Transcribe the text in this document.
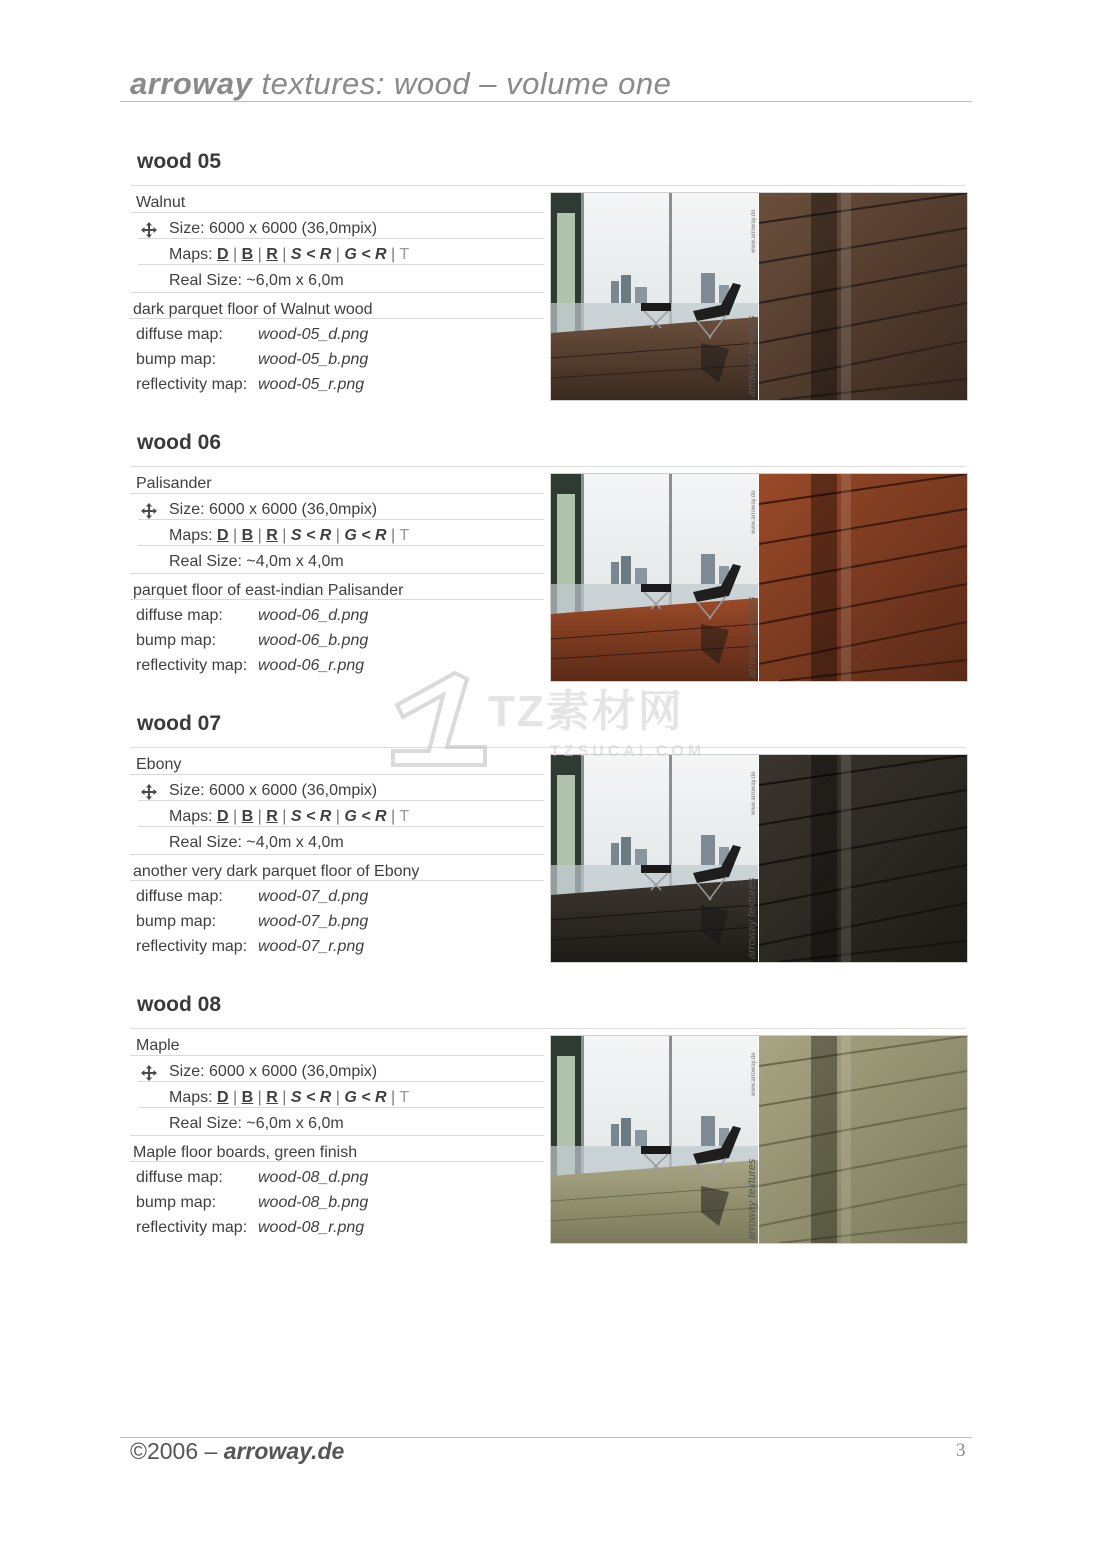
arroway textures: wood – volume one
wood 05
Walnut
Size: 6000 x 6000 (36,0mpix)
Maps: D | B | R | S < R | G < R | T
Real Size: ~6,0m x 6,0m
dark parquet floor of Walnut wood
diffuse map: wood-05_d.png
bump map:	wood-05_b.png
reflectivity map: wood-05_r.png	arroway textures
www.arroway.de
wood 06
Palisander
Size: 6000 x 6000 (36,0mpix)
Maps: D | B | R | S < R | G < R | T
Real Size: ~4,0m x 4,0m
parquet floor of east-indian Palisander
diffuse map: wood-06_d.png
bump map:	wood-06_b.png
reflectivity map: wood-06_r.png	arroway textures
www.arroway.de
wood 07
Ebony
Size: 6000 x 6000 (36,0mpix)
Maps: D | B | R | S < R | G < R | T
Real Size: ~4,0m x 4,0m
another very dark parquet floor of Ebony
diffuse map: wood-07_d.png
bump map:	wood-07_b.png
reflectivity map: wood-07_r.png	arroway textures
www.arroway.de
wood 08
Maple
Size: 6000 x 6000 (36,0mpix)
Maps: D | B | R | S < R | G < R | T
Real Size: ~6,0m x 6,0m
Maple floor boards, green finish
diffuse map: wood-08_d.png
bump map:	wood-08_b.png
reflectivity map: wood-08_r.png	arroway textures
www.arroway.de
TZ素材网
TZSUCAI.COM
©2006 – arroway.de	3
